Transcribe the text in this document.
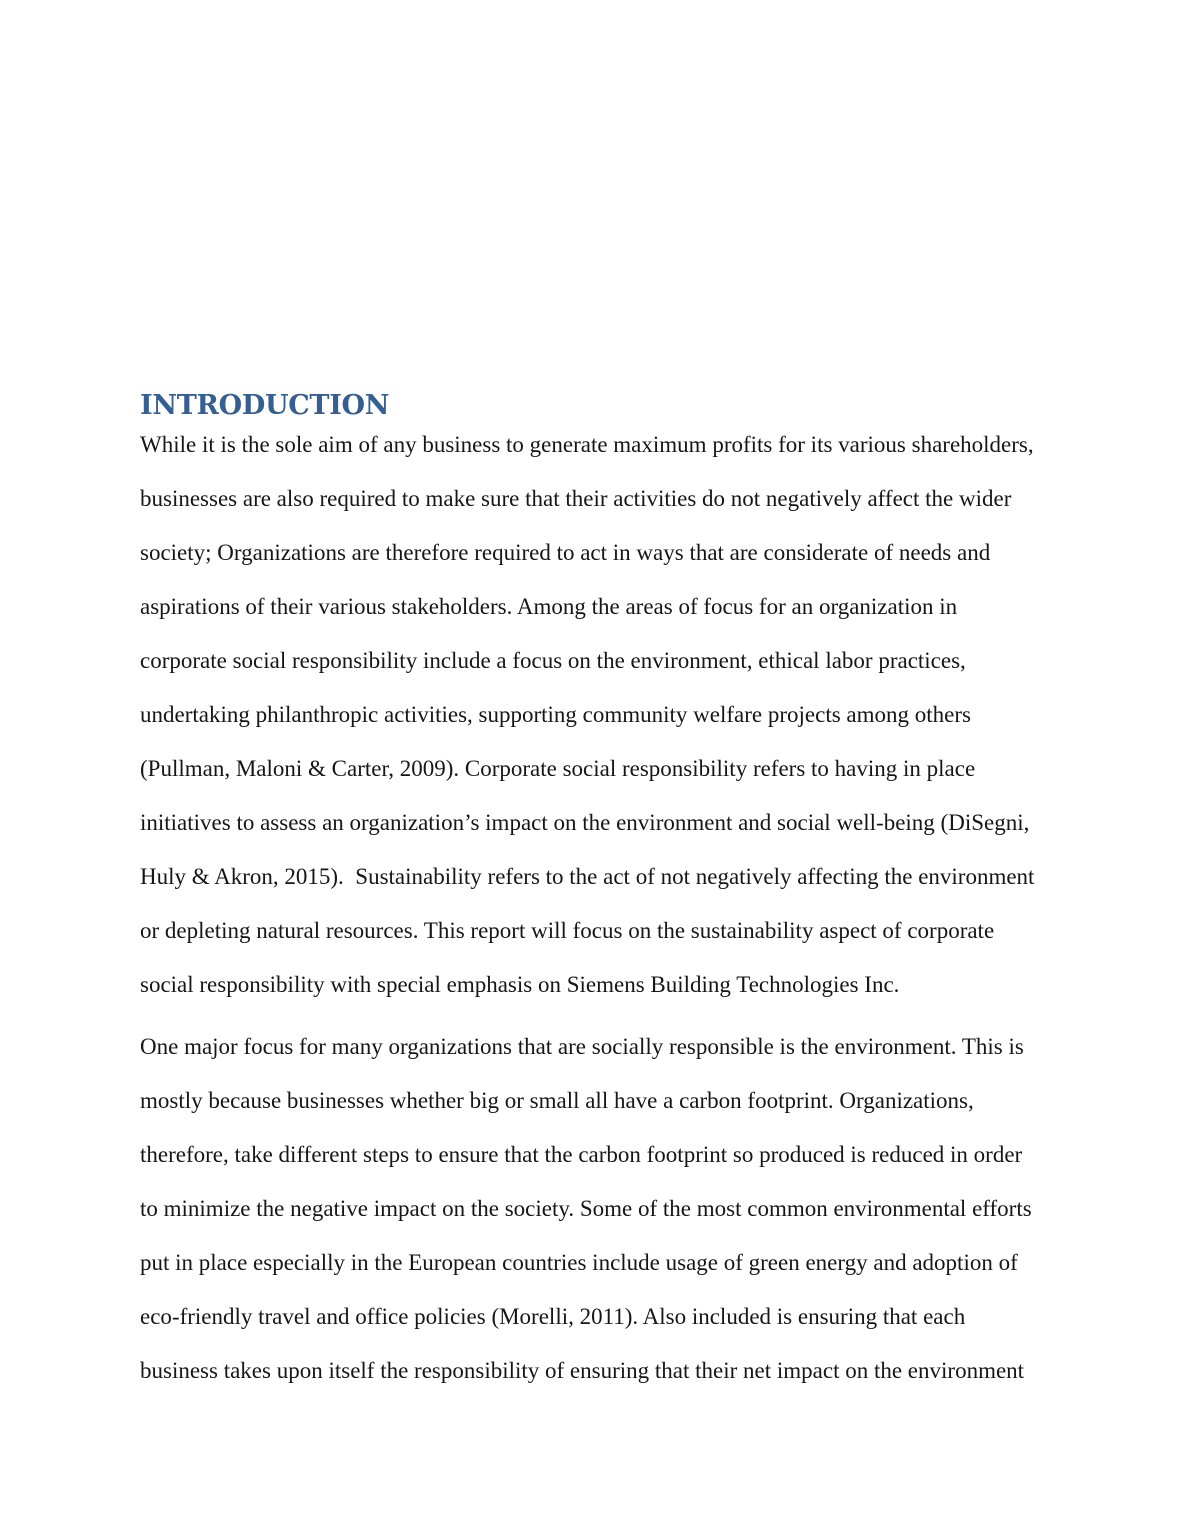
INTRODUCTION
While it is the sole aim of any business to generate maximum profits for its various shareholders,
businesses are also required to make sure that their activities do not negatively affect the wider
society; Organizations are therefore required to act in ways that are considerate of needs and
aspirations of their various stakeholders. Among the areas of focus for an organization in
corporate social responsibility include a focus on the environment, ethical labor practices,
undertaking philanthropic activities, supporting community welfare projects among others
(Pullman, Maloni & Carter, 2009). Corporate social responsibility refers to having in place
initiatives to assess an organization’s impact on the environment and social well-being (DiSegni,
Huly & Akron, 2015).  Sustainability refers to the act of not negatively affecting the environment
or depleting natural resources. This report will focus on the sustainability aspect of corporate
social responsibility with special emphasis on Siemens Building Technologies Inc.
One major focus for many organizations that are socially responsible is the environment. This is
mostly because businesses whether big or small all have a carbon footprint. Organizations,
therefore, take different steps to ensure that the carbon footprint so produced is reduced in order
to minimize the negative impact on the society. Some of the most common environmental efforts
put in place especially in the European countries include usage of green energy and adoption of
eco-friendly travel and office policies (Morelli, 2011). Also included is ensuring that each
business takes upon itself the responsibility of ensuring that their net impact on the environment
